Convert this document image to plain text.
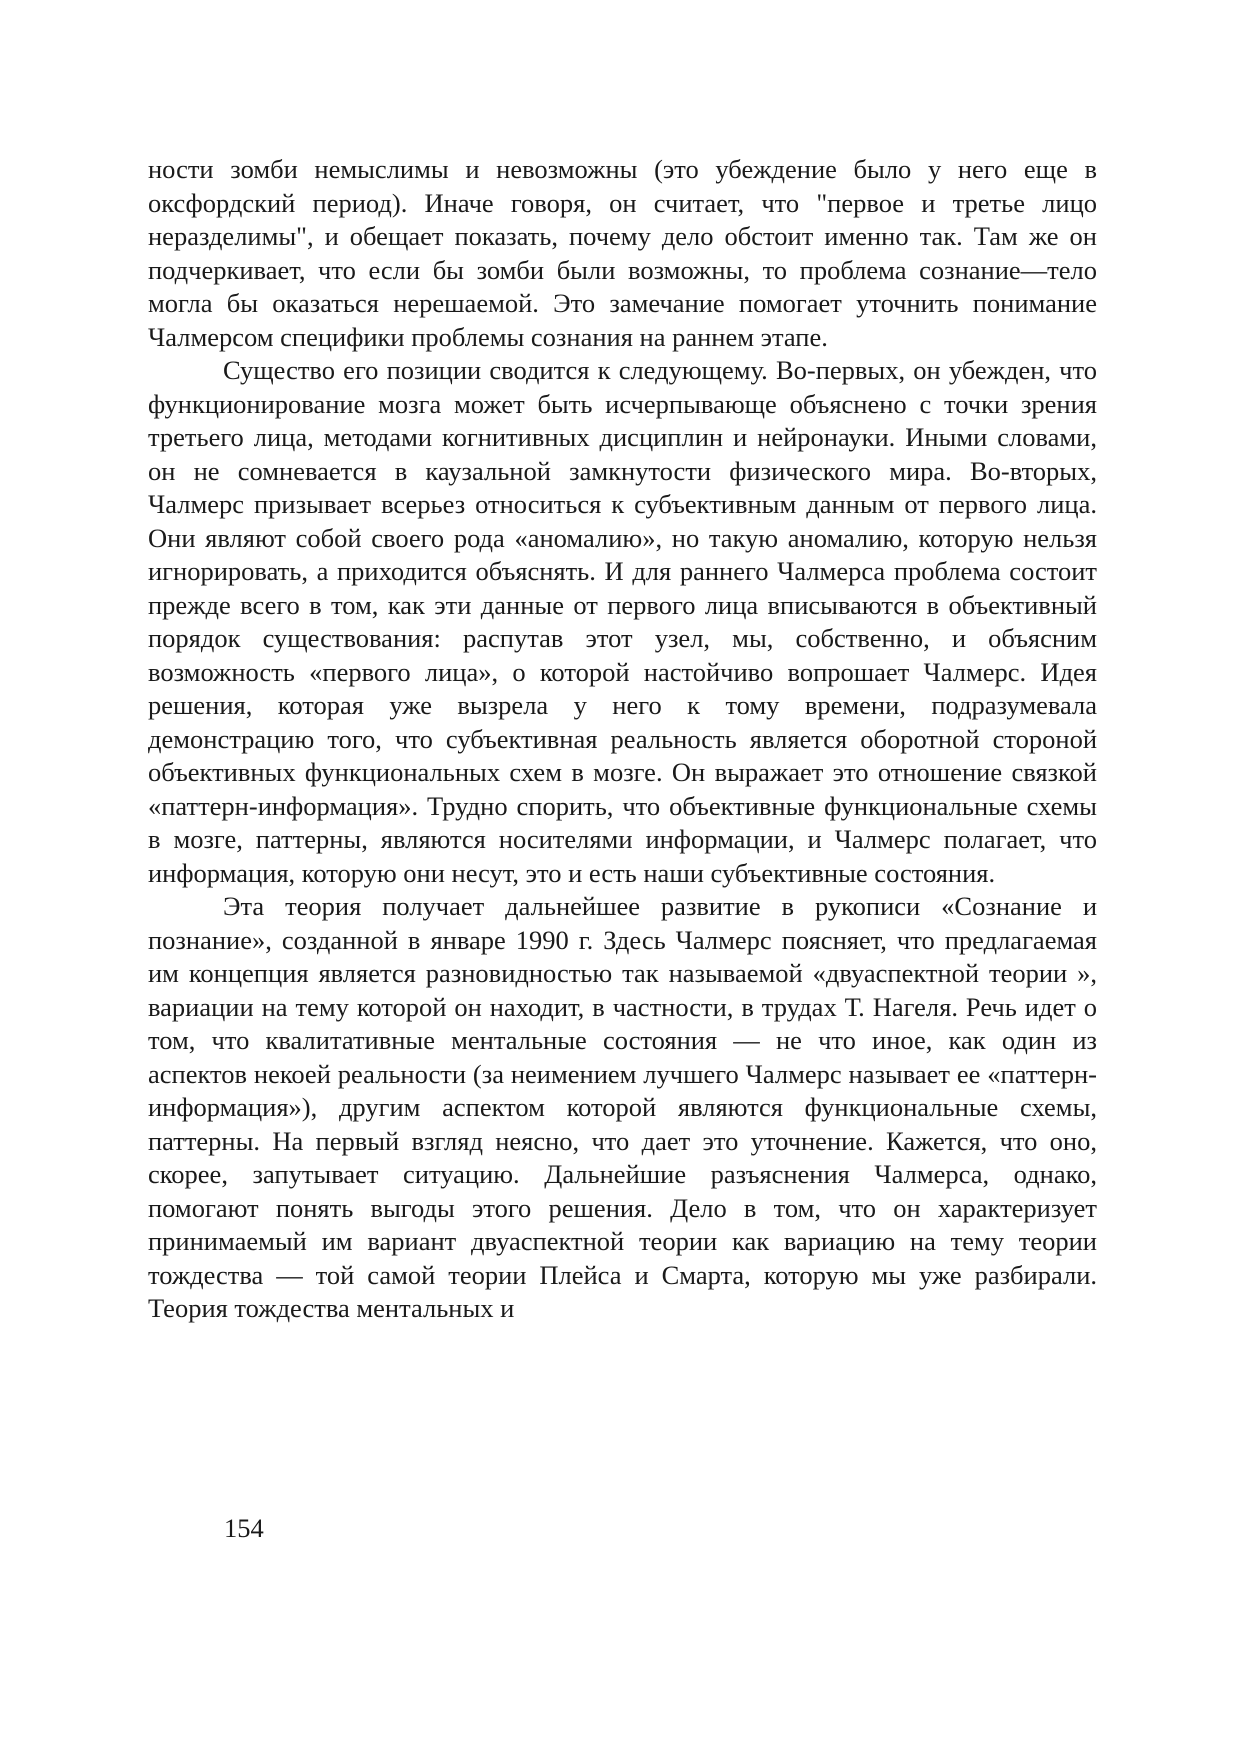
ности зомби немыслимы и невозможны (это убеждение было у него еще в оксфордский период). Иначе говоря, он считает, что "первое и третье лицо неразделимы", и обещает показать, почему дело обстоит именно так. Там же он подчеркивает, что если бы зомби были возможны, то проблема сознание—тело могла бы оказаться нерешаемой. Это замечание помогает уточнить понимание Чалмерсом специфики проблемы сознания на раннем этапе.

Существо его позиции сводится к следующему. Во-первых, он убежден, что функционирование мозга может быть исчерпывающе объяснено с точки зрения третьего лица, методами когнитивных дисциплин и нейронауки. Иными словами, он не сомневается в каузальной замкнутости физического мира. Во-вторых, Чалмерс призывает всерьез относиться к субъективным данным от первого лица. Они являют собой своего рода «аномалию», но такую аномалию, которую нельзя игнорировать, а приходится объяснять. И для раннего Чалмерса проблема состоит прежде всего в том, как эти данные от первого лица вписываются в объективный порядок существования: распутав этот узел, мы, собственно, и объясним возможность «первого лица», о которой настойчиво вопрошает Чалмерс. Идея решения, которая уже вызрела у него к тому времени, подразумевала демонстрацию того, что субъективная реальность является оборотной стороной объективных функциональных схем в мозге. Он выражает это отношение связкой «паттерн-информация». Трудно спорить, что объективные функциональные схемы в мозге, паттерны, являются носителями информации, и Чалмерс полагает, что информация, которую они несут, это и есть наши субъективные состояния.

Эта теория получает дальнейшее развитие в рукописи «Сознание и познание», созданной в январе 1990 г. Здесь Чалмерс поясняет, что предлагаемая им концепция является разновидностью так называемой «двуаспектной теории », вариации на тему которой он находит, в частности, в трудах Т. Нагеля. Речь идет о том, что квалитативные ментальные состояния — не что иное, как один из аспектов некоей реальности (за неимением лучшего Чалмерс называет ее «паттерн-информация»), другим аспектом которой являются функциональные схемы, паттерны. На первый взгляд неясно, что дает это уточнение. Кажется, что оно, скорее, запутывает ситуацию. Дальнейшие разъяснения Чалмерса, однако, помогают понять выгоды этого решения. Дело в том, что он характеризует принимаемый им вариант двуаспектной теории как вариацию на тему теории тождества — той самой теории Плейса и Смарта, которую мы уже разбирали. Теория тождества ментальных и

154
